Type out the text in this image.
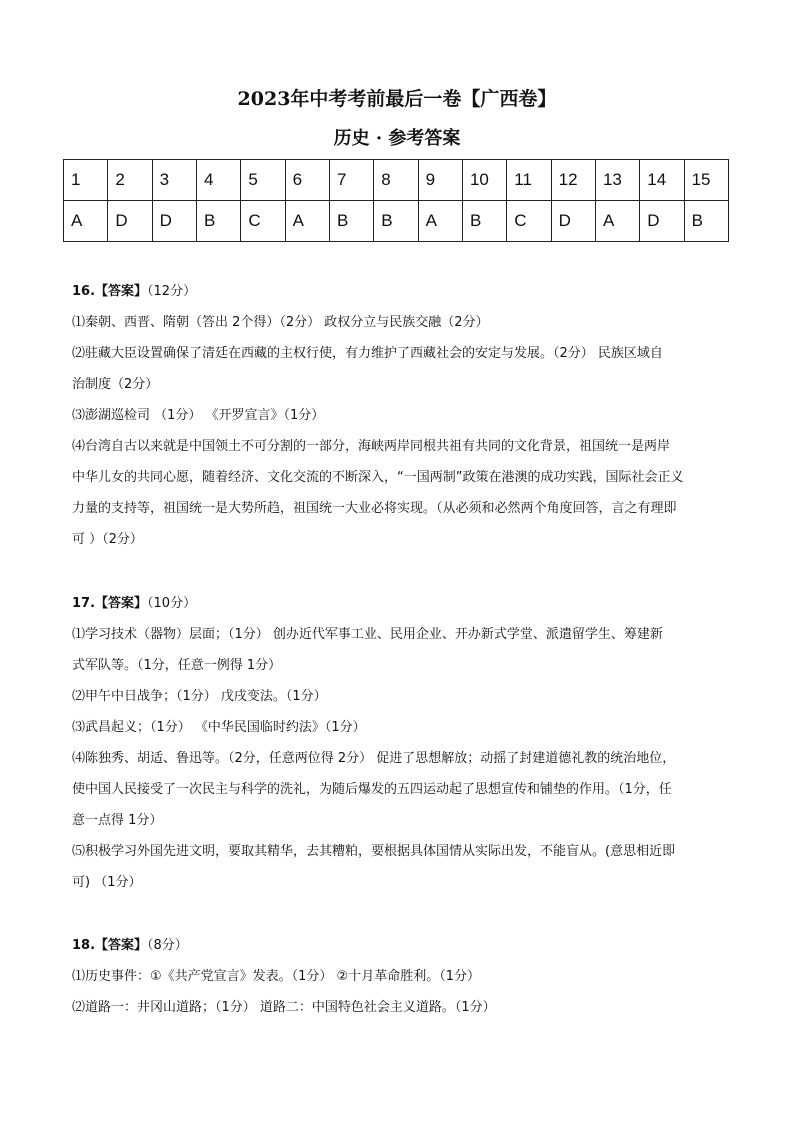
2023年中考考前最后一卷【广西卷】
历史 · 参考答案
1	2	3	4	5	6	7	8	9	10	11	12	13	14	15
A	D	D	B	C	A	B	B	A	B	C	D	A	D	B

16.【答案】（12分）

⑴秦朝、西晋、隋朝（答出 2个得）（2分） 政权分立与民族交融（2分）

⑵驻藏大臣设置确保了清廷在西藏的主权行使，有力维护了西藏社会的安定与发展。（2分） 民族区域自

治制度（2分）

⑶澎湖巡检司 （1分） 《开罗宣言》（1分）

⑷台湾自古以来就是中国领土不可分割的一部分，海峡两岸同根共祖有共同的文化背景，祖国统一是两岸

中华儿女的共同心愿，随着经济、文化交流的不断深入，“一国两制”政策在港澳的成功实践，国际社会正义

力量的支持等，祖国统一是大势所趋，祖国统一大业必将实现。（从必须和必然两个角度回答，言之有理即

可 ）（2分）

17.【答案】（10分）

⑴学习技术（器物）层面；（1分） 创办近代军事工业、民用企业、开办新式学堂、派遣留学生、筹建新

式军队等。（1分，任意一例得 1分）

⑵甲午中日战争；（1分） 戊戌变法。（1分）

⑶武昌起义；（1分） 《中华民国临时约法》（1分）

⑷陈独秀、胡适、鲁迅等。（2分，任意两位得 2分） 促进了思想解放；动摇了封建道德礼教的统治地位，

使中国人民接受了一次民主与科学的洗礼，为随后爆发的五四运动起了思想宣传和铺垫的作用。（1分，任

意一点得 1分）

⑸积极学习外国先进文明，要取其精华，去其糟粕，要根据具体国情从实际出发，不能盲从。(意思相近即

可) （1分）

18.【答案】（8分）

⑴历史事件：①《共产党宣言》发表。（1分） ②十月革命胜利。（1分）

⑵道路一：井冈山道路；（1分） 道路二：中国特色社会主义道路。（1分）
